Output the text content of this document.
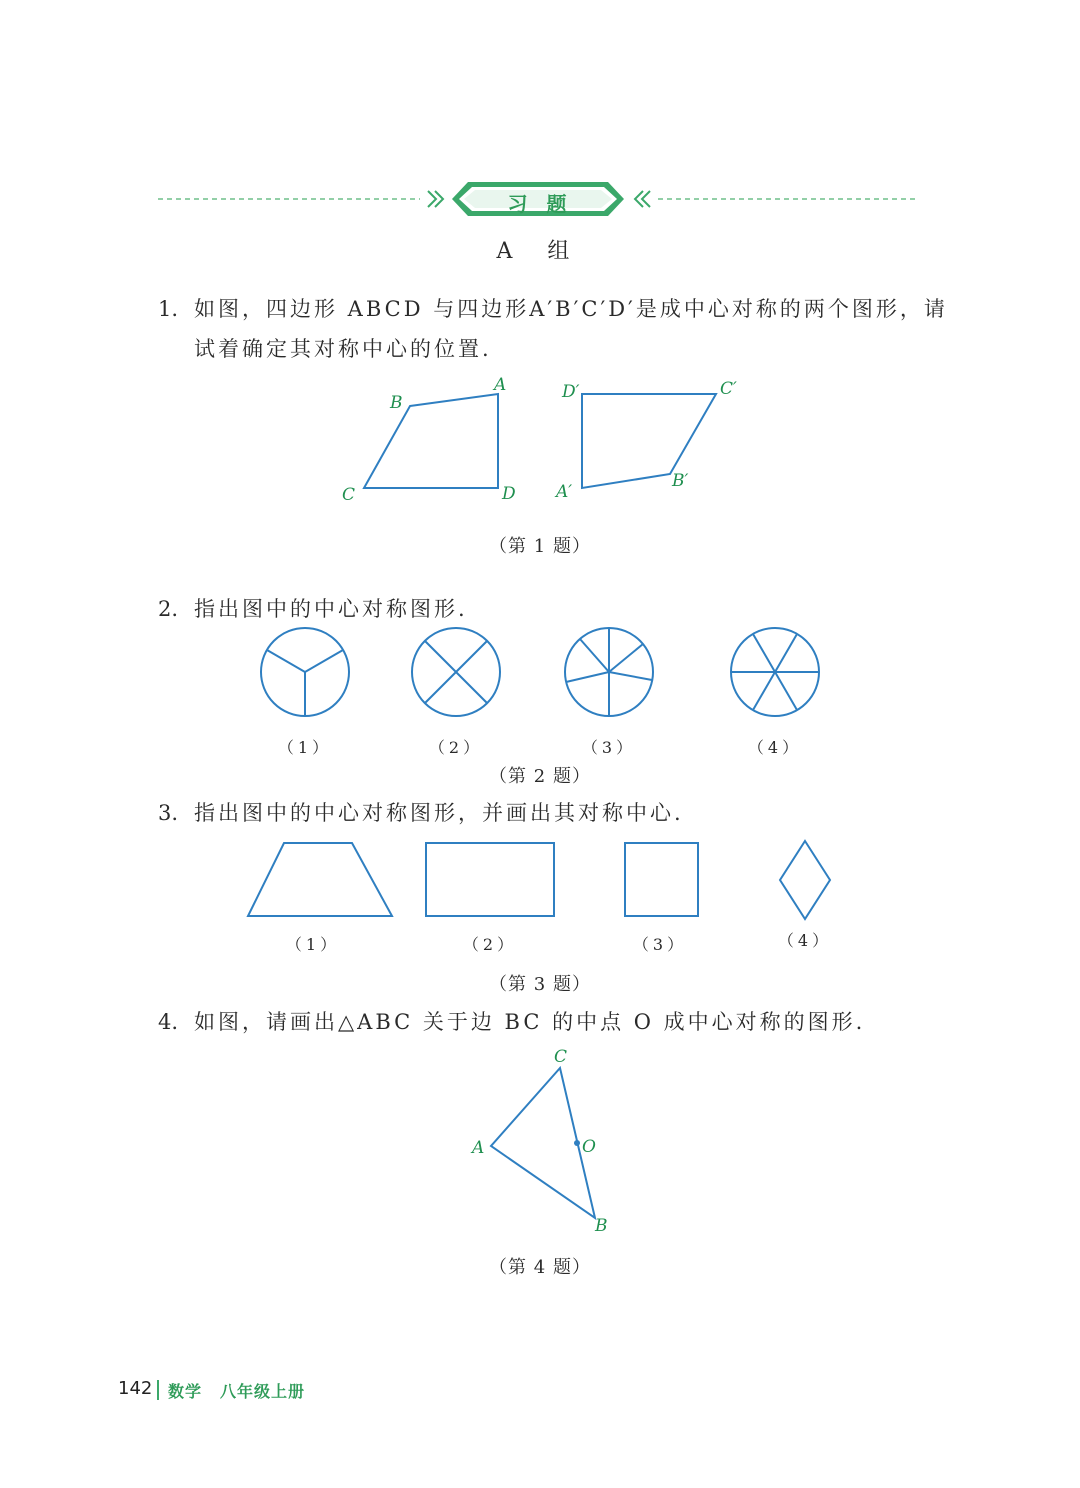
习 题
A 组
1. 如图，四边形 ABCD 与四边形A′B′C′D′是成中心对称的两个图形，请
试着确定其对称中心的位置.
B
A
C	D
D′	C′
B′
A′
（第 1 题）
2. 指出图中的中心对称图形.
（1）	（2）	（3）	（4）
（第 2 题）
3. 指出图中的中心对称图形，并画出其对称中心.
（1）	（2）	（3）	（4）
（第 3 题）
4. 如图，请画出△ABC 关于边 BC 的中点 O 成中心对称的图形.
C
A	O
B
（第 4 题）
142 数学 八年级上册
